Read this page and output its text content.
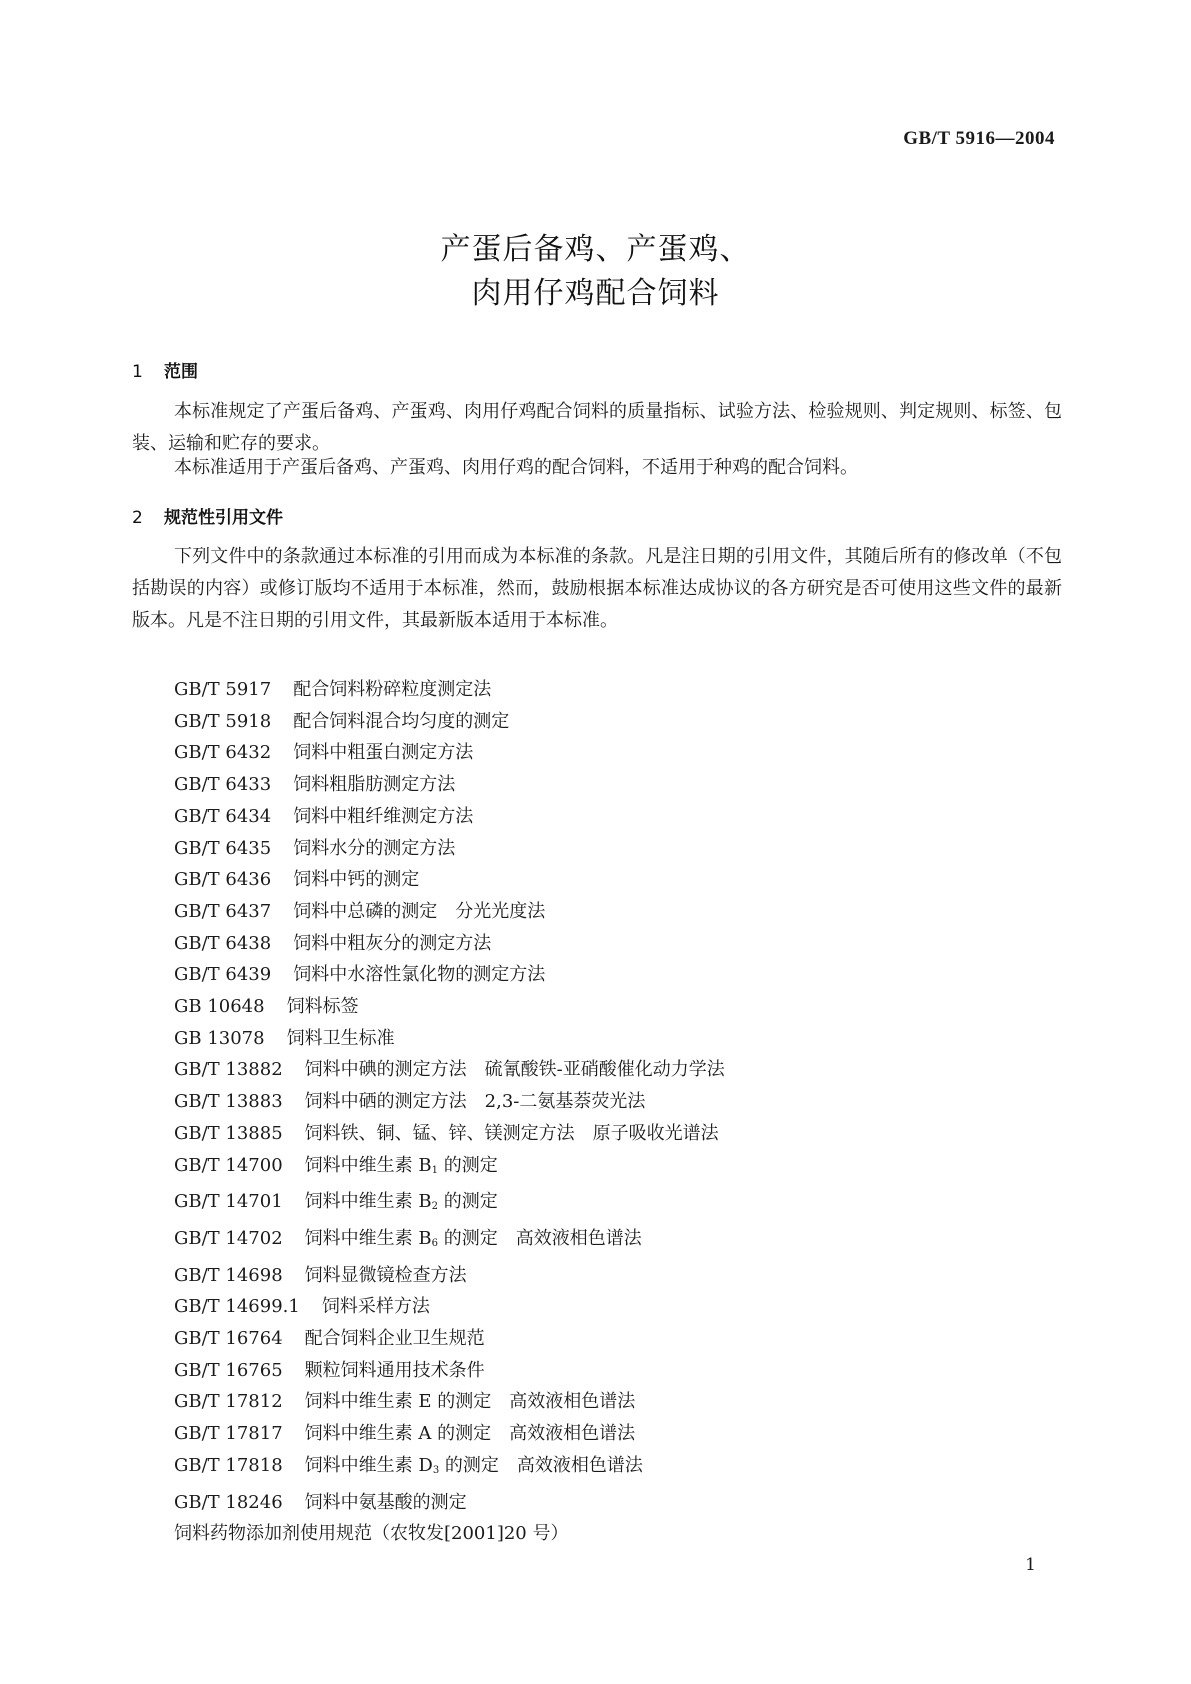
GB/T 5916—2004
产蛋后备鸡、产蛋鸡、
肉用仔鸡配合饲料
1 范围

本标准规定了产蛋后备鸡、产蛋鸡、肉用仔鸡配合饲料的质量指标、试验方法、检验规则、判定规则、标签、包装、运输和贮存的要求。

本标准适用于产蛋后备鸡、产蛋鸡、肉用仔鸡的配合饲料，不适用于种鸡的配合饲料。

2 规范性引用文件

下列文件中的条款通过本标准的引用而成为本标准的条款。凡是注日期的引用文件，其随后所有的修改单（不包括勘误的内容）或修订版均不适用于本标准，然而，鼓励根据本标准达成协议的各方研究是否可使用这些文件的最新版本。凡是不注日期的引用文件，其最新版本适用于本标准。

GB/T 5917 配合饲料粉碎粒度测定法
GB/T 5918 配合饲料混合均匀度的测定
GB/T 6432 饲料中粗蛋白测定方法
GB/T 6433 饲料粗脂肪测定方法
GB/T 6434 饲料中粗纤维测定方法
GB/T 6435 饲料水分的测定方法
GB/T 6436 饲料中钙的测定
GB/T 6437 饲料中总磷的测定　分光光度法
GB/T 6438 饲料中粗灰分的测定方法
GB/T 6439 饲料中水溶性氯化物的测定方法
GB 10648 饲料标签
GB 13078 饲料卫生标准
GB/T 13882 饲料中碘的测定方法　硫氰酸铁-亚硝酸催化动力学法
GB/T 13883 饲料中硒的测定方法　2,3-二氨基萘荧光法
GB/T 13885 饲料铁、铜、锰、锌、镁测定方法　原子吸收光谱法
GB/T 14700 饲料中维生素 $B_1$ 的测定
GB/T 14701 饲料中维生素 $B_2$ 的测定
GB/T 14702 饲料中维生素 $B_6$ 的测定　高效液相色谱法
GB/T 14698 饲料显微镜检查方法
GB/T 14699.1 饲料采样方法
GB/T 16764 配合饲料企业卫生规范
GB/T 16765 颗粒饲料通用技术条件
GB/T 17812 饲料中维生素 E 的测定　高效液相色谱法
GB/T 17817 饲料中维生素 A 的测定　高效液相色谱法
GB/T 17818 饲料中维生素 $D_3$ 的测定　高效液相色谱法
GB/T 18246 饲料中氨基酸的测定
饲料药物添加剂使用规范（农牧发[2001]20 号）
1
